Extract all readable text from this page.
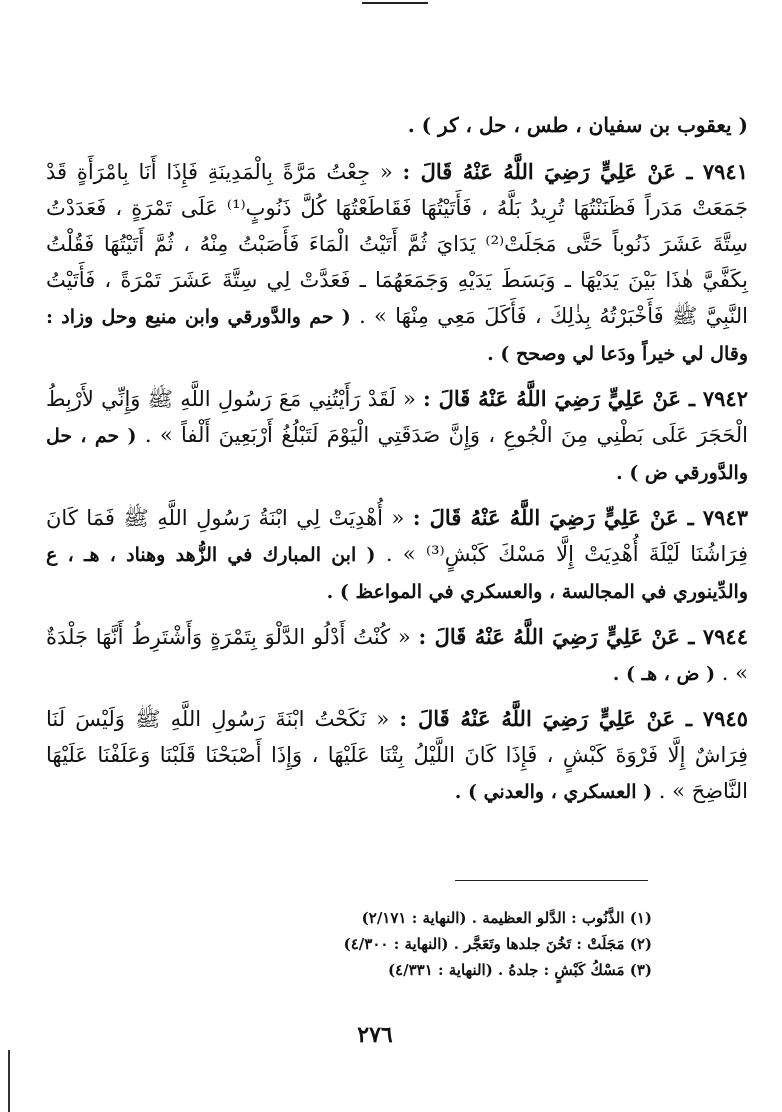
( يعقوب بن سفيان ، طس ، حل ، كر ) .

٧٩٤١ ـ عَنْ عَلِيٍّ رَضِيَ اللَّهُ عَنْهُ قَالَ : « جِعْتُ مَرَّةً بِالْمَدِينَةِ فَإِذَا أَنَا بِامْرَأَةٍ قَدْ جَمَعَتْ مَدَراً فَظَنَنْتُهَا تُرِيدُ بَلَّهُ ، فَأَتَيْتُهَا فَقَاطَعْتُهَا كُلَّ ذَنُوبٍ⁽¹⁾ عَلَى تَمْرَةٍ ، فَعَدَدْتُ سِتَّةَ عَشَرَ ذَنُوباً حَتَّى مَجَلَتْ⁽²⁾ يَدَايَ ثُمَّ أَتَيْتُ الْمَاءَ فَأَصَبْتُ مِنْهُ ، ثُمَّ أَتَيْتُهَا فَقُلْتُ بِكَفَّيَّ هٰذَا بَيْنَ يَدَيْهَا ـ وَبَسَطَ يَدَيْهِ وَجَمَعَهُمَا ـ فَعَدَّتْ لِي سِتَّةَ عَشَرَ تَمْرَةً ، فَأَتَيْتُ النَّبِيَّ ﷺ فَأَخْبَرْتُهُ بِذٰلِكَ ، فَأَكَلَ مَعِي مِنْهَا » . ( حم والدَّورقي وابن منيع وحل وزاد : وقال لي خيراً ودَعا لي وصحح ) .

٧٩٤٢ ـ عَنْ عَلِيٍّ رَضِيَ اللَّهُ عَنْهُ قَالَ : « لَقَدْ رَأَيْتُنِي مَعَ رَسُولِ اللَّهِ ﷺ وَإِنِّي لأَرْبِطُ الْحَجَرَ عَلَى بَطْنِي مِنَ الْجُوعِ ، وَإِنَّ صَدَقَتِي الْيَوْمَ لَتَبْلُغُ أَرْبَعِينَ أَلْفاً » . ( حم ، حل والدَّورقي ض ) .

٧٩٤٣ ـ عَنْ عَلِيٍّ رَضِيَ اللَّهُ عَنْهُ قَالَ : « أُهْدِيَتْ لِي ابْنَةُ رَسُولِ اللَّهِ ﷺ فَمَا كَانَ فِرَاشُنَا لَيْلَةَ أُهْدِيَتْ إِلَّا مَسْكَ كَبْشٍ⁽³⁾ » . ( ابن المبارك في الزُّهد وهناد ، هـ ، ع والدِّينوري في المجالسة ، والعسكري في المواعظ ) .

٧٩٤٤ ـ عَنْ عَلِيٍّ رَضِيَ اللَّهُ عَنْهُ قَالَ : « كُنْتُ أَدْلُو الدَّلْوَ بِتَمْرَةٍ وَأَشْتَرِطُ أَنَّهَا جَلْدَةٌ » . ( ض ، هـ ) .

٧٩٤٥ ـ عَنْ عَلِيٍّ رَضِيَ اللَّهُ عَنْهُ قَالَ : « نَكَحْتُ ابْنَةَ رَسُولِ اللَّهِ ﷺ وَلَيْسَ لَنَا فِرَاشٌ إِلَّا فَرْوَةَ كَبْشٍ ، فَإِذَا كَانَ اللَّيْلُ بِتْنَا عَلَيْهَا ، وَإِذَا أَصْبَحْنَا قَلَبْنَا وَعَلَفْنَا عَلَيْهَا النَّاضِحَ » . ( العسكري ، والعدني ) .

(١) الذَّنُوب : الدَّلو العظيمة . (النهاية : ٢/١٧١)
(٢) مَجَلَتْ : تَخُنَ جلدها وتَعَجَّر . (النهاية : ٤/٣٠٠)
(٣) مَسْكُ كَبْشٍ : جلدهُ . (النهاية : ٤/٣٣١)
٢٧٦
